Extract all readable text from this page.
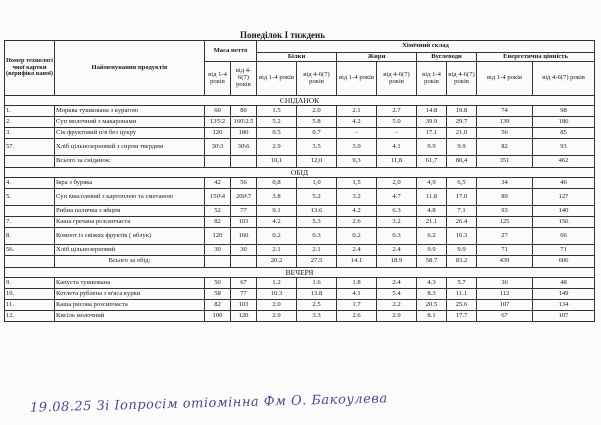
Понеділок І тиждень
Номер технологі чної картки (верифіко ваної)	Найменування продуктів	Маса нетто		Хімічний склад							
				Білки		Жири		Вуглеводи		Енергетична цінність	
		від 1-4 років	від 4-6(7) років	від 1-4 років	від 4-6(7) років	від 1-4 років	від 4-6(7) років	від 1-4 років	від 4-6(7) років	від 1-4 років	від 4-6(7) років
СНІДАНОК											
1.	Морква тушкована з курагою	60	80	1.5	2.0	2.1	2.7	14.8	19.8	74	98
2.	Суп молочний з макаронами	135\2	160\2.5	5.2	5.8	4.2	5.0	39.9	29.7	139	186
3.	Сік фруктовий п/в без цукру	120	180	0.5	0.7	-	-	17.1	21.0	56	85
57.	Хліб цільнозерновий з сиром твердим	30\3	30\6	2.9	3.5	3.0	4.1	9.9	9.9	82	93
	Всього за сніданок:			10,1	12,0	9,3	11,8	61,7	80,4	351	462
ОБІД											
4.	Ікра з буряка	42	56	0,8	1,0	1,5	2,0	4,9	6,5	34	46
5.	Суп квасолевий з картоплею та сметаною	150\4	200\7	3.8	5.2	3.2	4.7	11.8	17.0	89	127
	Рибна паличка з яйцем	52	77	9.1	13.6	4.2	6.3	4.8	7.1	93	140
7.	Каша гречана розсипчаста	82	103	4.2	5.3	2.6	3.2	21.1	26.4	125	156
8.	Компот із свіжих фруктів ( яблук)	120	160	0.2	0.3	0.2	0.3	6.2	16.3	27	66
56.	Хліб цільнозерновий	30	30	2.1	2.1	2.4	2.4	9.9	9.9	71	71
	Всього за обід:			20.2	27.5	14.1	18.9	58.7	83.2	439	606
ВЕЧЕРЯ											
9.	Капуста тушкована	50	67	1.2	1.6	1.8	2.4	4.3	5.7	36	48
10.	Котлета рублена з м'яса курки	58	77	10.3	13.8	4.1	5.4	8.3	11.1	112	149
11.	Каша рисова розсипчаста	82	103	2.0	2.5	1.7	2.2	20.5	25.6	107	134
12.	Кисіль молочний	100	120	2.9	3.3	2.6	2.9	8.1	17.7	67	107
19.08.25 Зі Іопросім отіомінна Фм О. Бакоулева
